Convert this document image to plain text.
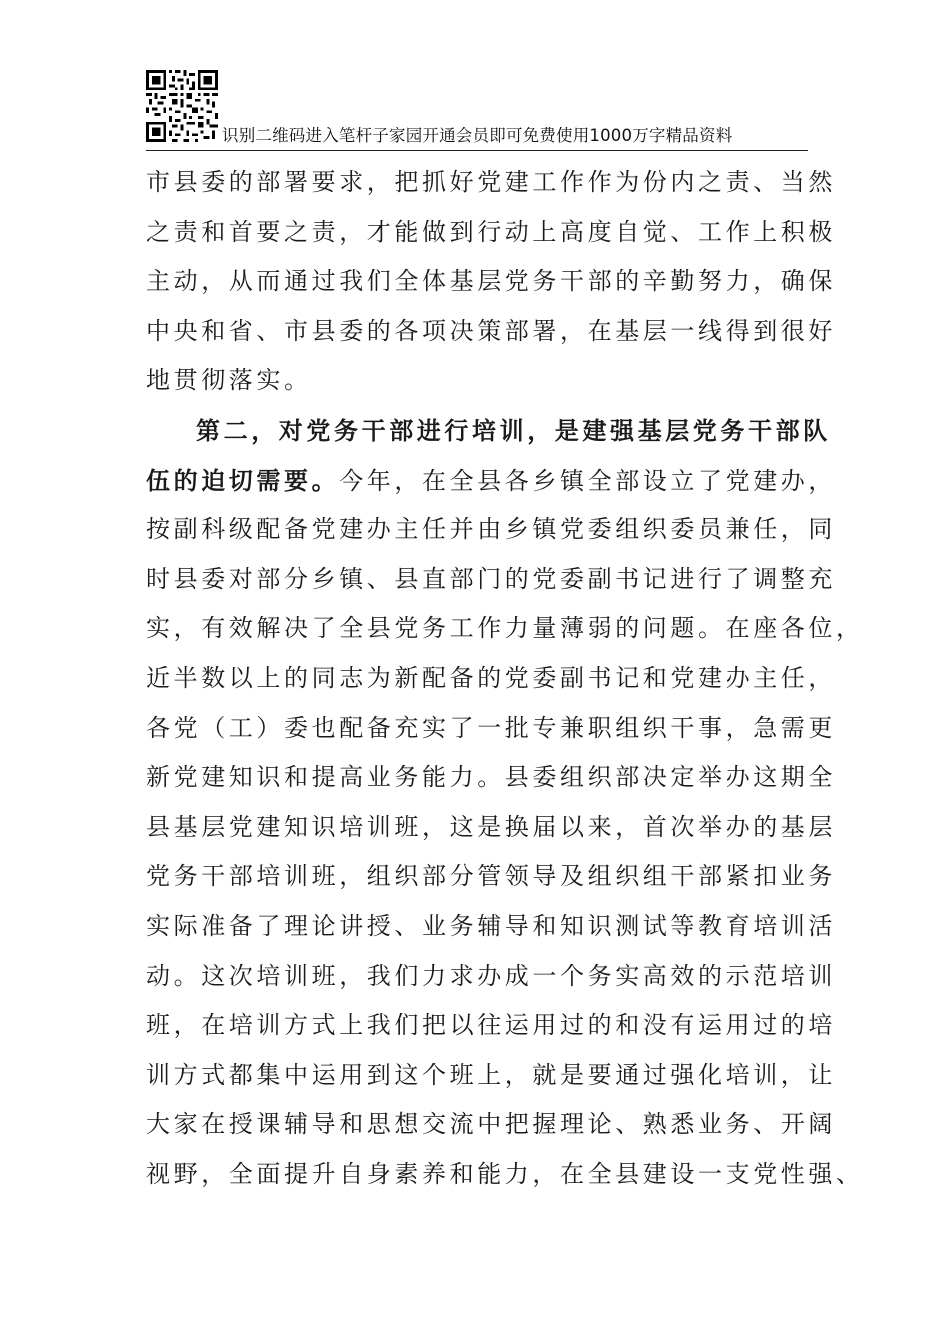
识别二维码进入笔杆子家园开通会员即可免费使用1000万字精品资料
市县委的部署要求，把抓好党建工作作为份内之责、当然
之责和首要之责，才能做到行动上高度自觉、工作上积极
主动，从而通过我们全体基层党务干部的辛勤努力，确保
中央和省、市县委的各项决策部署，在基层一线得到很好
地贯彻落实。
第二，对党务干部进行培训，是建强基层党务干部队
伍的迫切需要。今年，在全县各乡镇全部设立了党建办，
按副科级配备党建办主任并由乡镇党委组织委员兼任，同
时县委对部分乡镇、县直部门的党委副书记进行了调整充
实，有效解决了全县党务工作力量薄弱的问题。在座各位，
近半数以上的同志为新配备的党委副书记和党建办主任，
各党（工）委也配备充实了一批专兼职组织干事，急需更
新党建知识和提高业务能力。县委组织部决定举办这期全
县基层党建知识培训班，这是换届以来，首次举办的基层
党务干部培训班，组织部分管领导及组织组干部紧扣业务
实际准备了理论讲授、业务辅导和知识测试等教育培训活
动。这次培训班，我们力求办成一个务实高效的示范培训
班，在培训方式上我们把以往运用过的和没有运用过的培
训方式都集中运用到这个班上，就是要通过强化培训，让
大家在授课辅导和思想交流中把握理论、熟悉业务、开阔
视野，全面提升自身素养和能力，在全县建设一支党性强、
